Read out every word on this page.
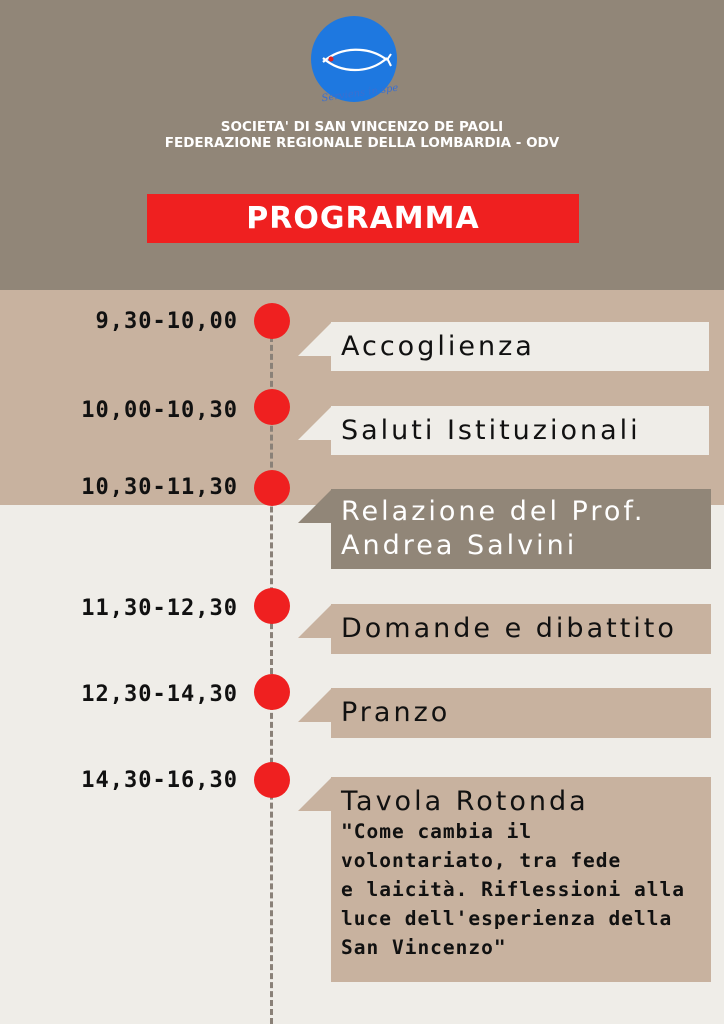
Serviens in spe
SOCIETA' DI SAN VINCENZO DE PAOLI
FEDERAZIONE REGIONALE DELLA LOMBARDIA - ODV
PROGRAMMA
9,30-10,00
Accoglienza
10,00-10,30
Saluti Istituzionali
10,30-11,30
Relazione del Prof.
Andrea Salvini
11,30-12,30
Domande e dibattito
12,30-14,30
Pranzo
14,30-16,30
Tavola Rotonda
"Come cambia il
volontariato, tra fede
e laicità. Riflessioni alla
luce dell'esperienza della
San Vincenzo"
